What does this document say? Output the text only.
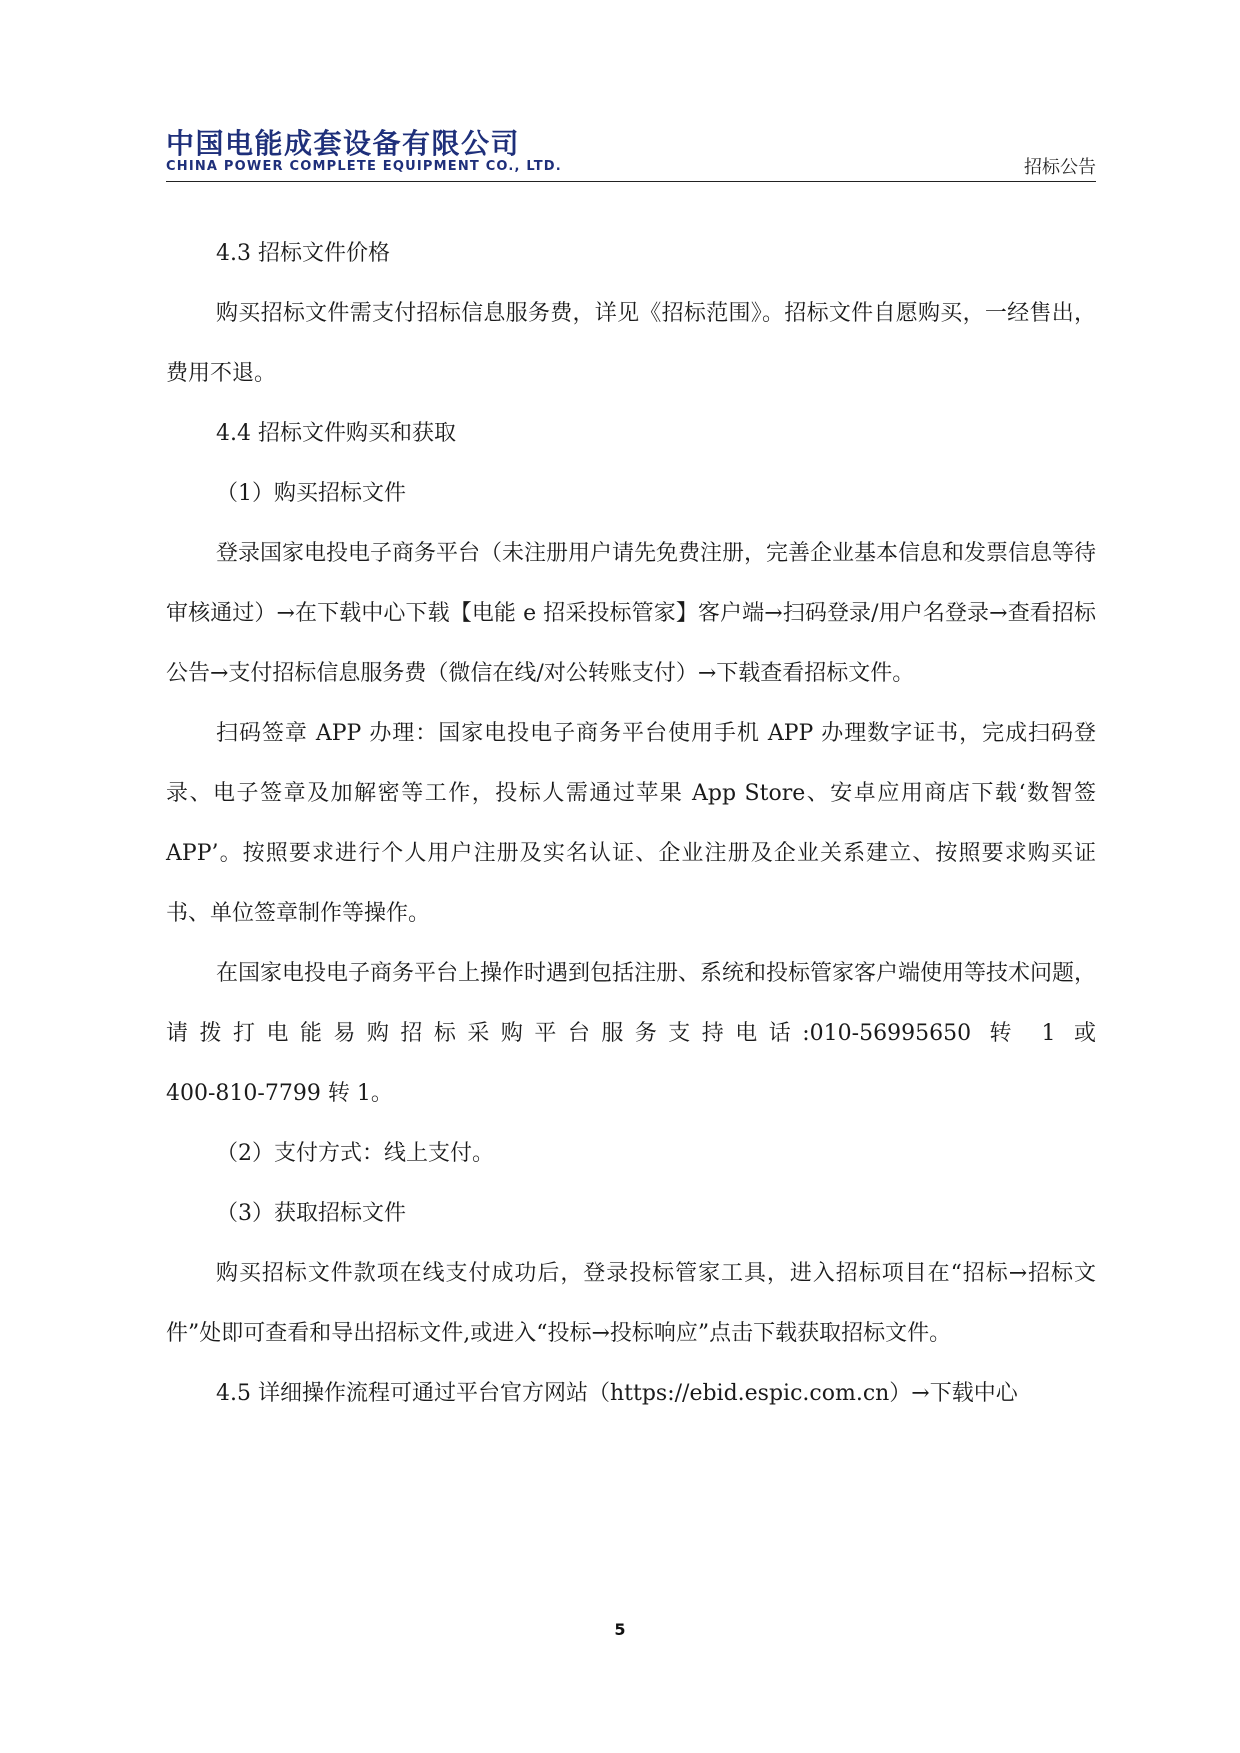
中国电能成套设备有限公司
CHINA POWER COMPLETE EQUIPMENT CO., LTD.	招标公告

4.3 招标文件价格

购买招标文件需支付招标信息服务费，详见《招标范围》。招标文件自愿购买，一经售出，费用不退。

4.4 招标文件购买和获取

（1）购买招标文件

登录国家电投电子商务平台（未注册用户请先免费注册，完善企业基本信息和发票信息等待审核通过）→在下载中心下载【电能 e 招采投标管家】客户端→扫码登录/用户名登录→查看招标公告→支付招标信息服务费（微信在线/对公转账支付）→下载查看招标文件。

扫码签章 APP 办理：国家电投电子商务平台使用手机 APP 办理数字证书，完成扫码登录、电子签章及加解密等工作，投标人需通过苹果 App Store、安卓应用商店下载‘数智签 APP’。按照要求进行个人用户注册及实名认证、企业注册及企业关系建立、按照要求购买证书、单位签章制作等操作。

在国家电投电子商务平台上操作时遇到包括注册、系统和投标管家客户端使用等技术问题，请拨打电能易购招标采购平台服务支持电话:010-56995650 转 1 或

400-810-7799 转 1。

（2）支付方式：线上支付。

（3）获取招标文件

购买招标文件款项在线支付成功后，登录投标管家工具，进入招标项目在“招标→招标文件”处即可查看和导出招标文件,或进入“投标→投标响应”点击下载获取招标文件。

4.5 详细操作流程可通过平台官方网站（https://ebid.espic.com.cn）→下载中心

5
